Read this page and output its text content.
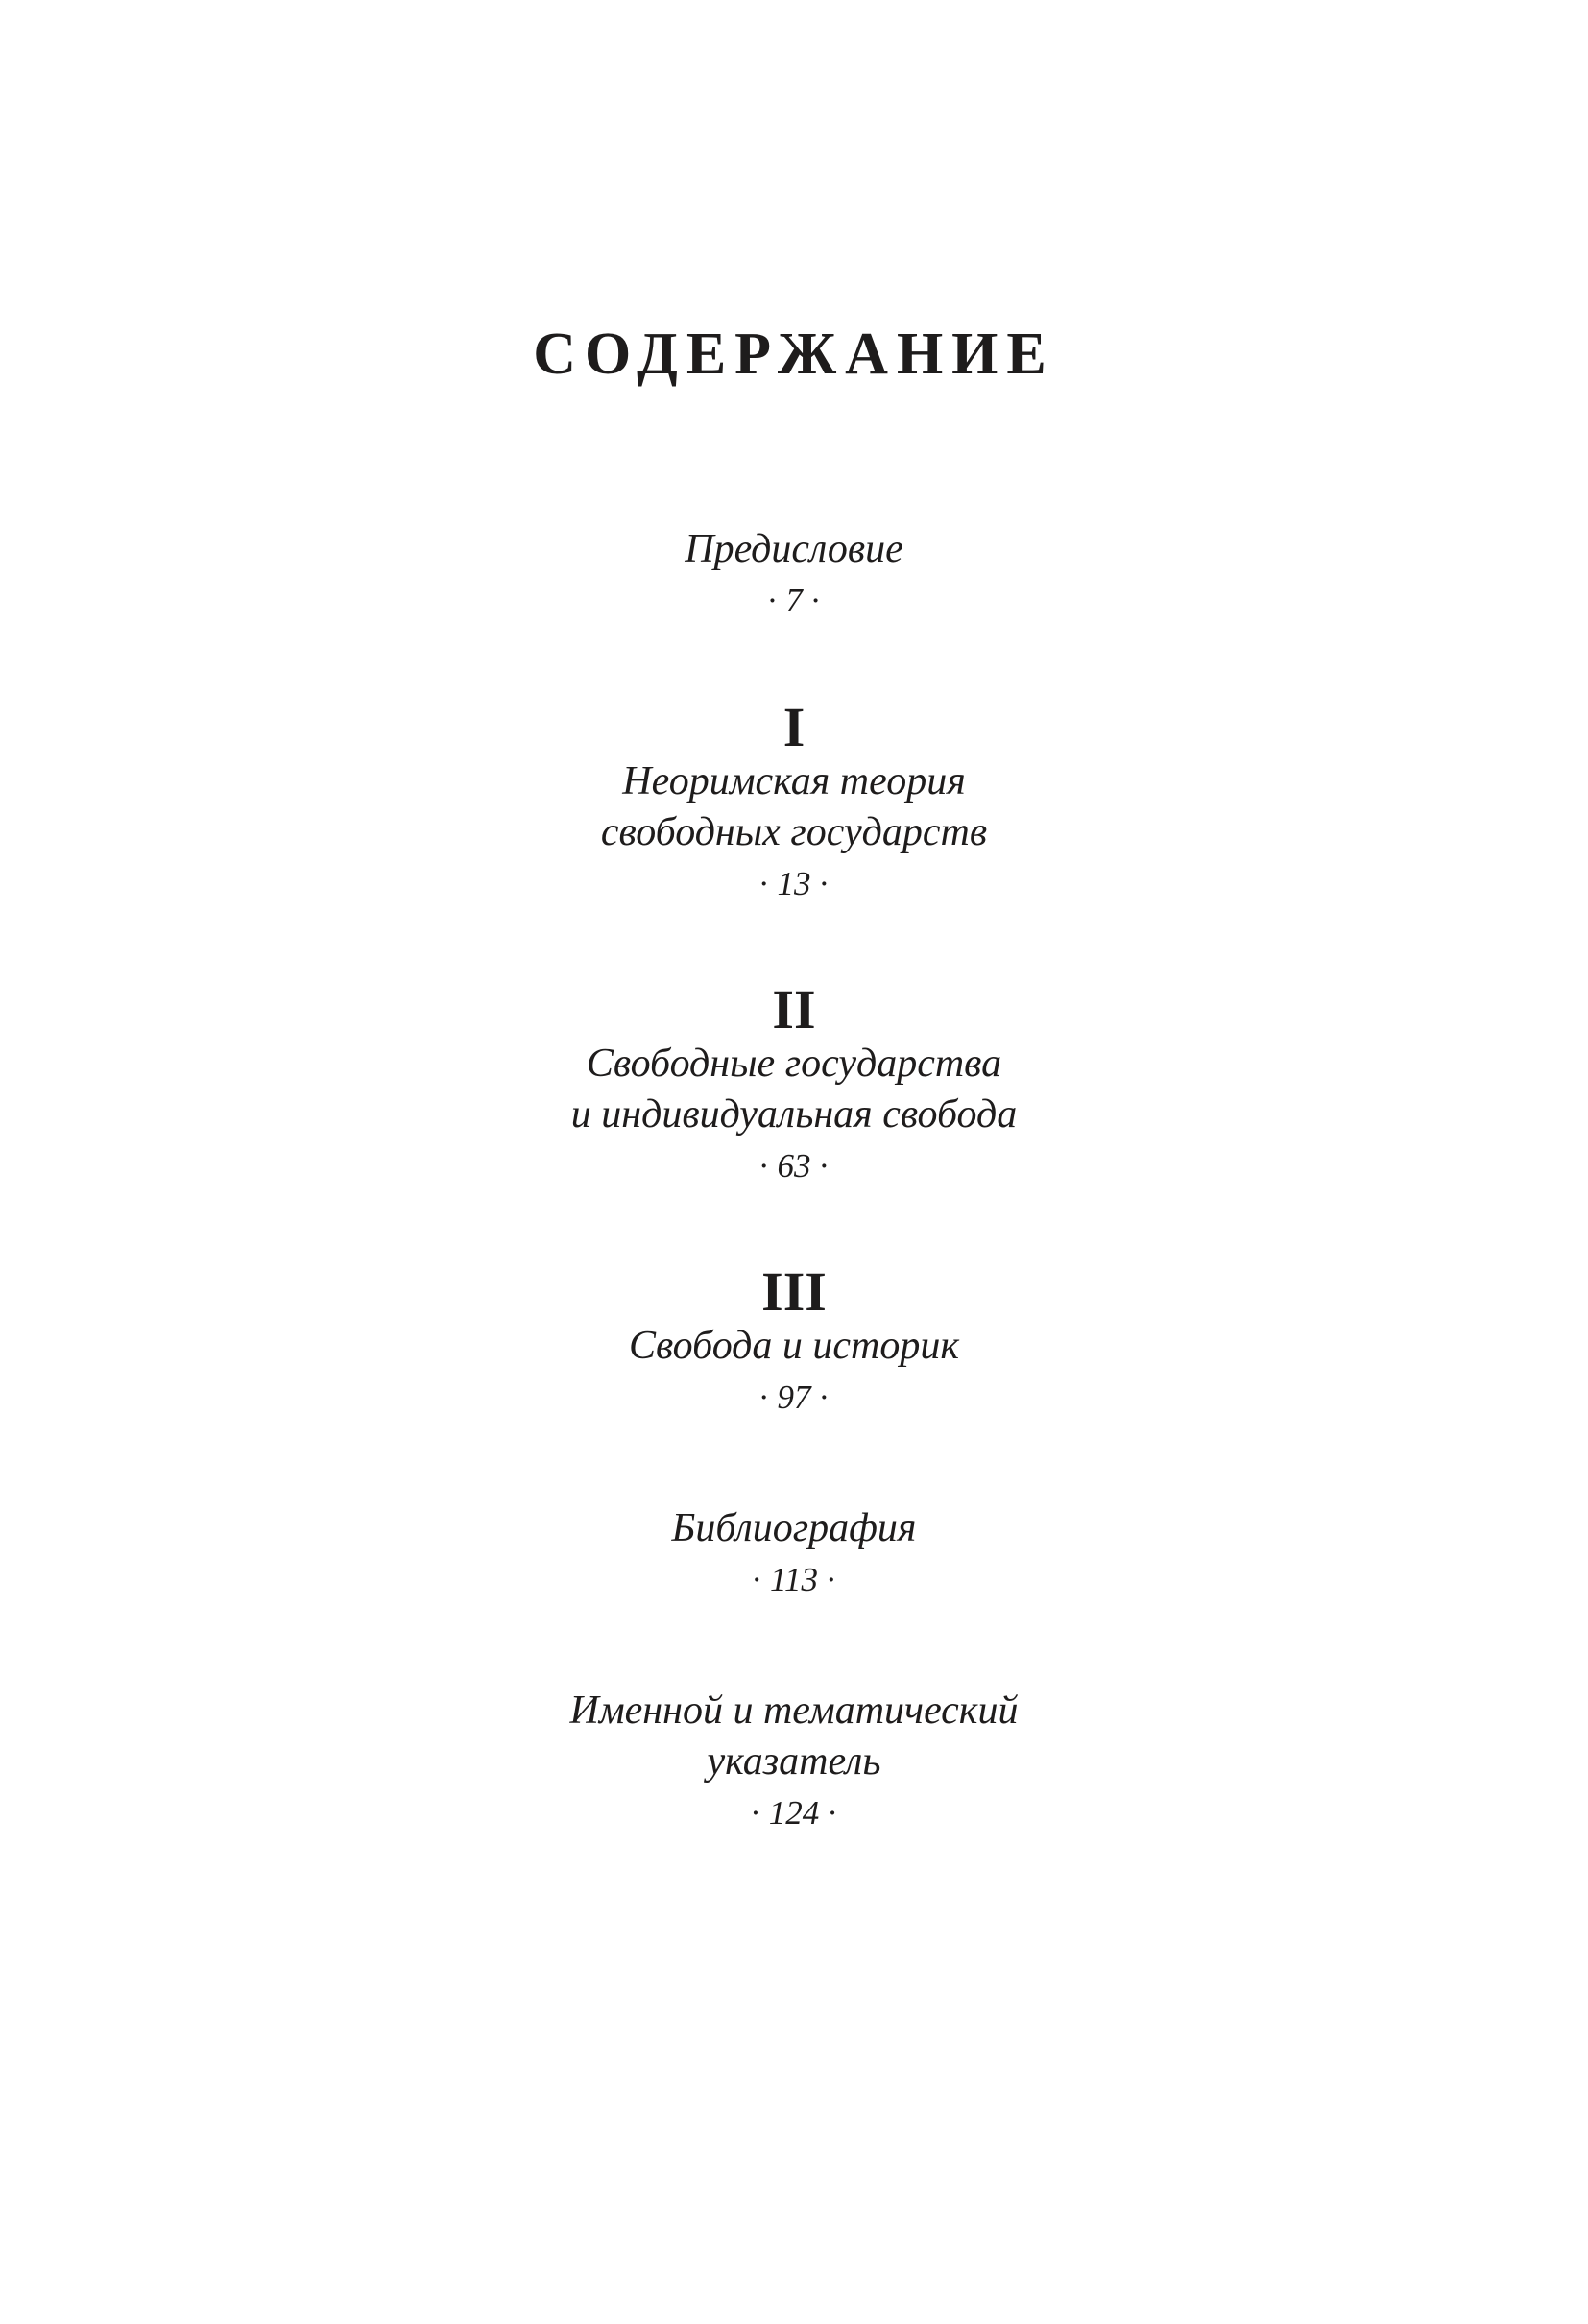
СОДЕРЖАНИЕ
Предисловие
· 7 ·
I
Неоримская теория
свободных государств
· 13 ·
II
Свободные государства
и индивидуальная свобода
· 63 ·
III
Свобода и историк
· 97 ·
Библиография
· 113 ·
Именной и тематический
указатель
· 124 ·
